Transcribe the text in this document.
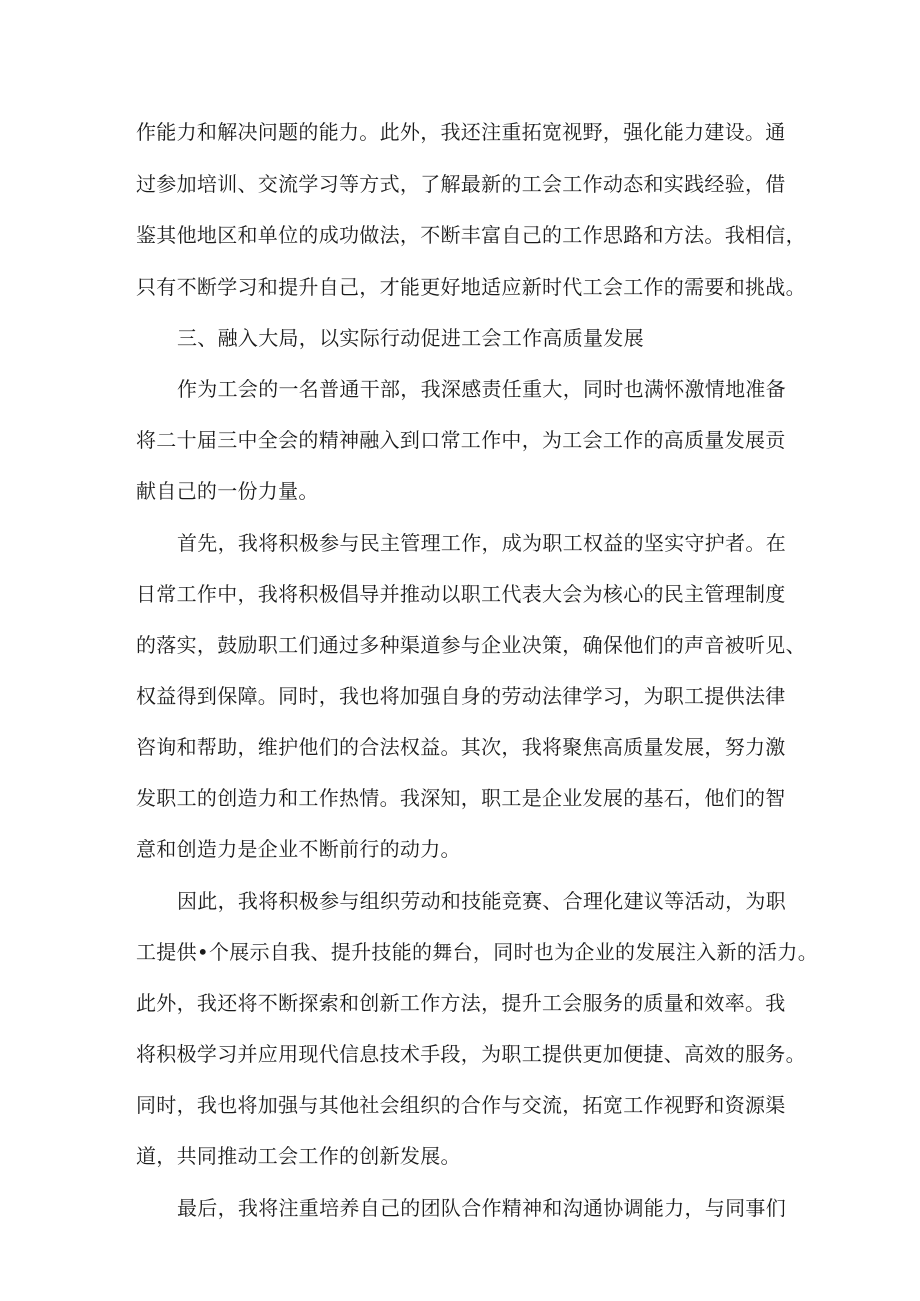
作能力和解决问题的能力。此外，我还注重拓宽视野，强化能力建设。通
过参加培训、交流学习等方式，了解最新的工会工作动态和实践经验，借
鉴其他地区和单位的成功做法，不断丰富自己的工作思路和方法。我相信，
只有不断学习和提升自己，才能更好地适应新时代工会工作的需要和挑战。
三、融入大局，以实际行动促进工会工作高质量发展
作为工会的一名普通干部，我深感责任重大，同时也满怀激情地准备
将二十届三中全会的精神融入到口常工作中，为工会工作的高质量发展贡
献自己的一份力量。
首先，我将积极参与民主管理工作，成为职工权益的坚实守护者。在
日常工作中，我将积极倡导并推动以职工代表大会为核心的民主管理制度
的落实，鼓励职工们通过多种渠道参与企业决策，确保他们的声音被听见、
权益得到保障。同时，我也将加强自身的劳动法律学习，为职工提供法律
咨询和帮助，维护他们的合法权益。其次，我将聚焦高质量发展，努力激
发职工的创造力和工作热情。我深知，职工是企业发展的基石，他们的智
意和创造力是企业不断前行的动力。
因此，我将积极参与组织劳动和技能竞赛、合理化建议等活动，为职
工提供•个展示自我、提升技能的舞台，同时也为企业的发展注入新的活力。
此外，我还将不断探索和创新工作方法，提升工会服务的质量和效率。我
将积极学习并应用现代信息技术手段，为职工提供更加便捷、高效的服务。
同时，我也将加强与其他社会组织的合作与交流，拓宽工作视野和资源渠
道，共同推动工会工作的创新发展。
最后，我将注重培养自己的团队合作精神和沟通协调能力，与同事们
